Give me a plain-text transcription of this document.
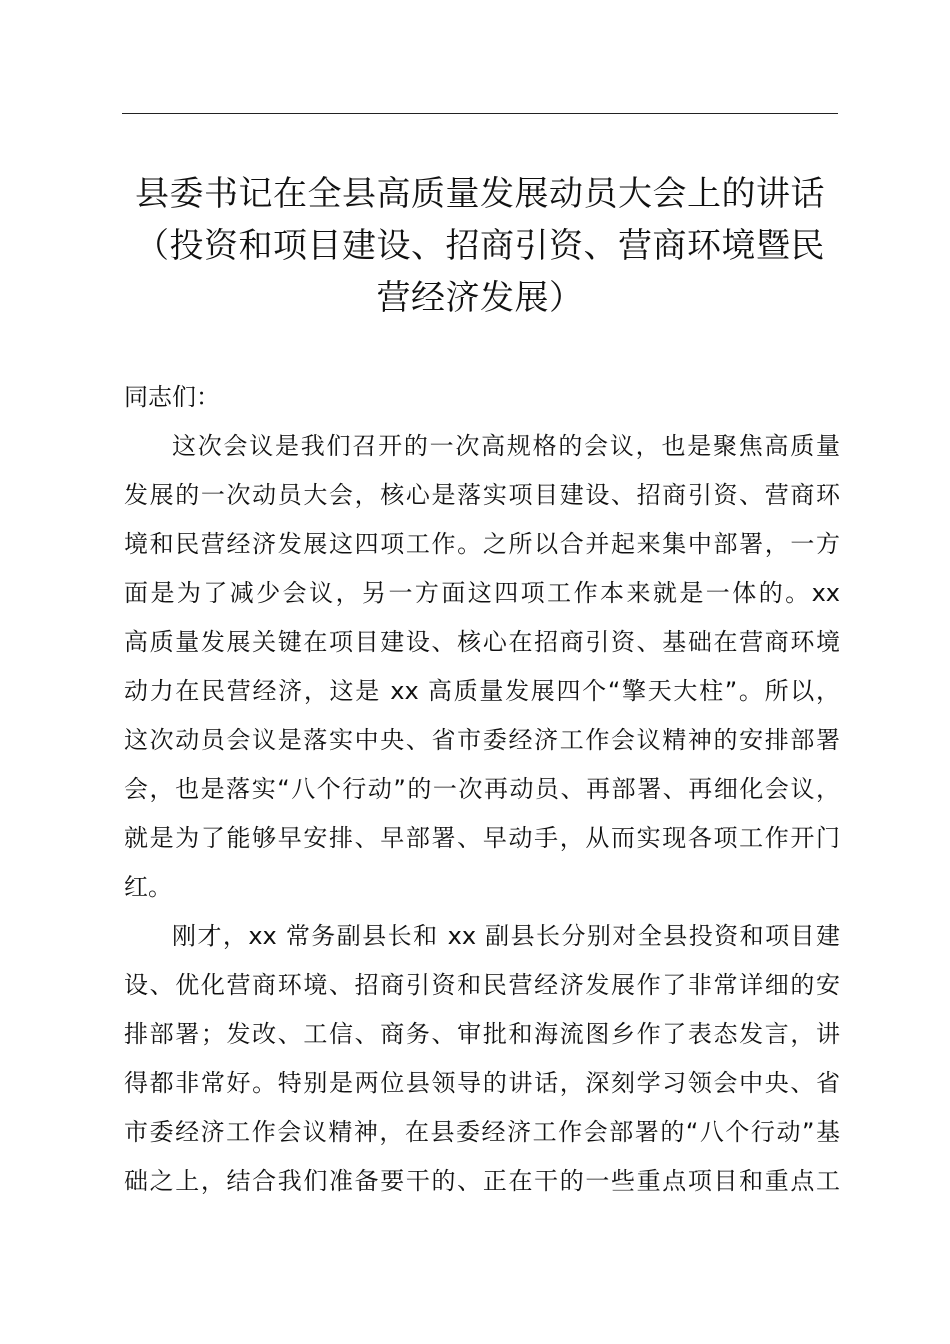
县委书记在全县高质量发展动员大会上的讲话
（投资和项目建设、招商引资、营商环境暨民
营经济发展）
同志们：
这次会议是我们召开的一次高规格的会议，也是聚焦高质量
发展的一次动员大会，核心是落实项目建设、招商引资、营商环
境和民营经济发展这四项工作。之所以合并起来集中部署，一方
面是为了减少会议，另一方面这四项工作本来就是一体的。xx
高质量发展关键在项目建设、核心在招商引资、基础在营商环境
动力在民营经济，这是 xx 高质量发展四个“擎天大柱”。所以，
这次动员会议是落实中央、省市委经济工作会议精神的安排部署
会，也是落实“八个行动”的一次再动员、再部署、再细化会议，
就是为了能够早安排、早部署、早动手，从而实现各项工作开门
红。
刚才，xx 常务副县长和 xx 副县长分别对全县投资和项目建
设、优化营商环境、招商引资和民营经济发展作了非常详细的安
排部署；发改、工信、商务、审批和海流图乡作了表态发言，讲
得都非常好。特别是两位县领导的讲话，深刻学习领会中央、省
市委经济工作会议精神，在县委经济工作会部署的“八个行动”基
础之上，结合我们准备要干的、正在干的一些重点项目和重点工
